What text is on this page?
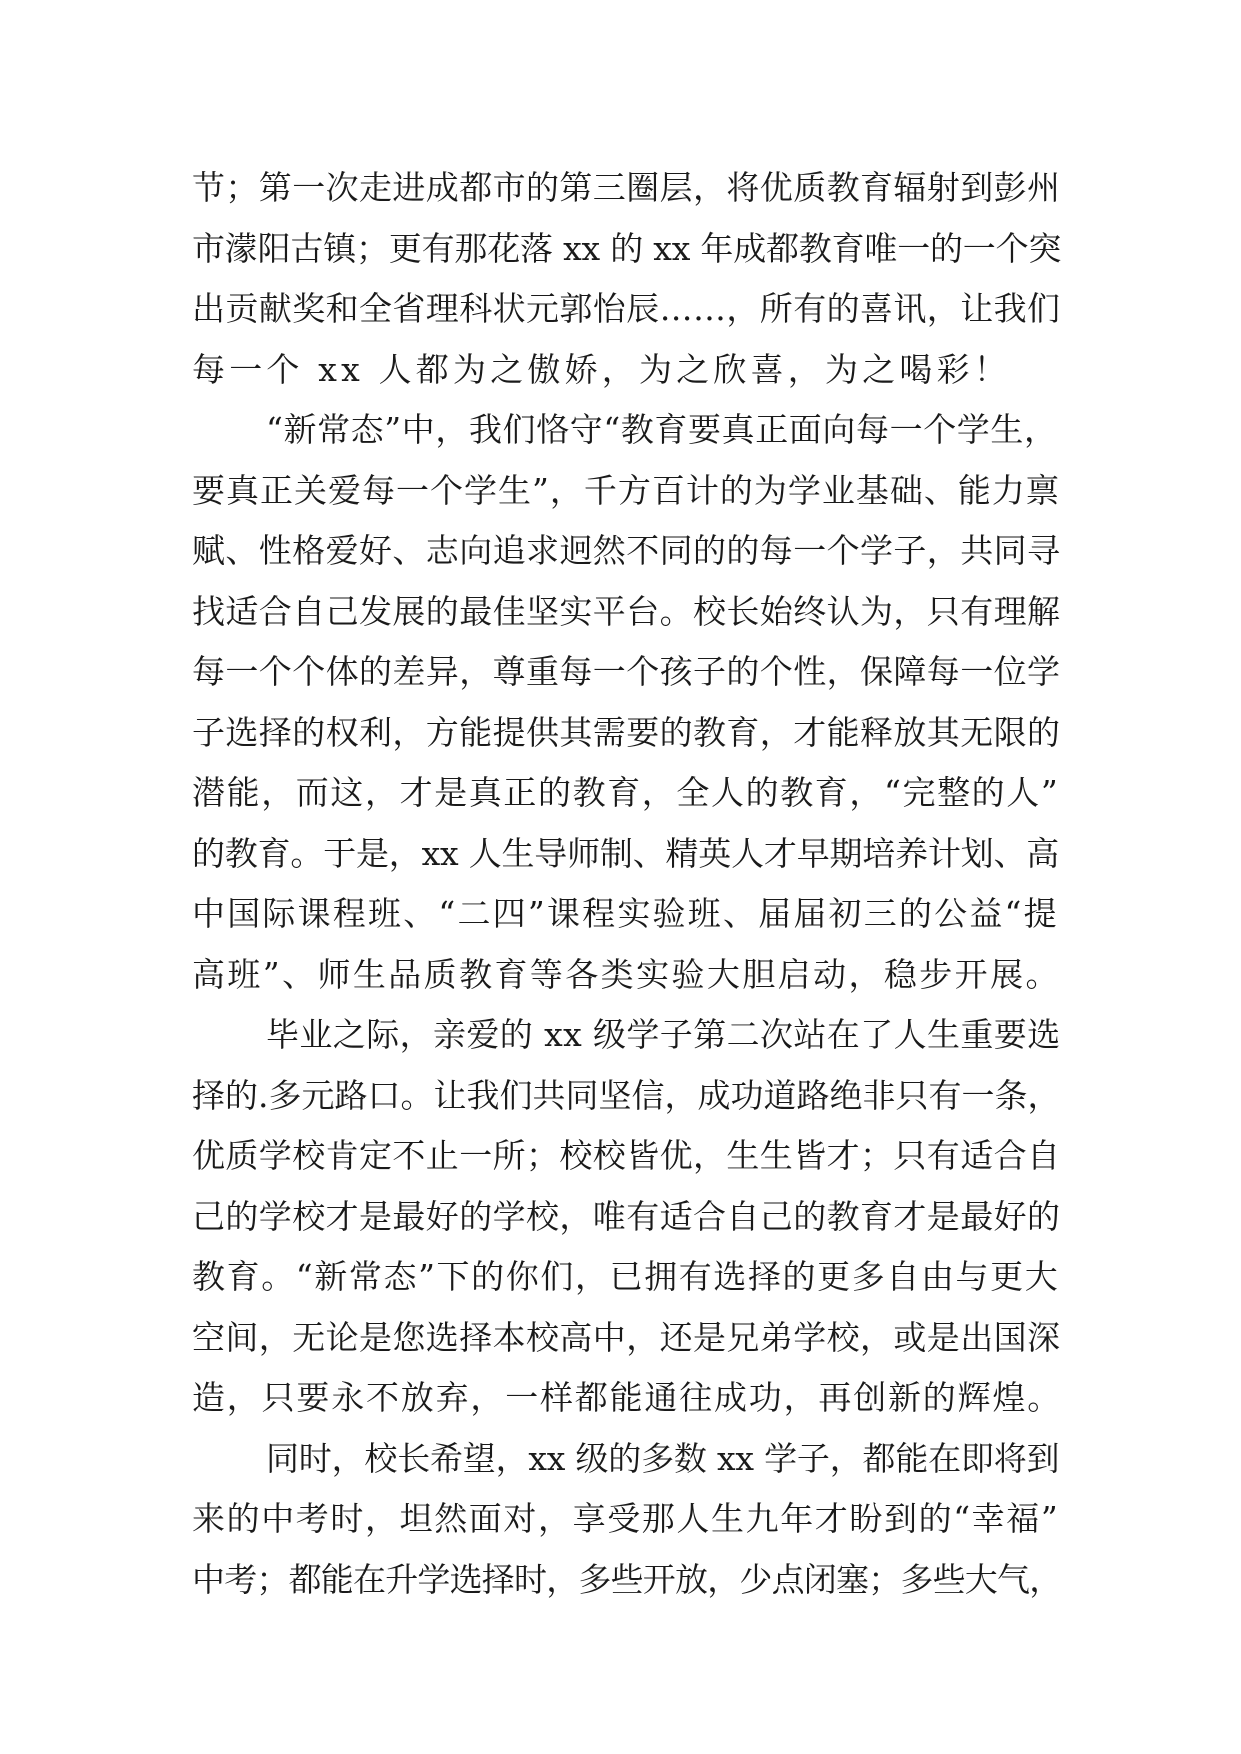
节；第一次走进成都市的第三圈层，将优质教育辐射到彭州
市濛阳古镇；更有那花落 xx 的 xx 年成都教育唯一的一个突
出贡献奖和全省理科状元郭怡辰……，所有的喜讯，让我们
每一个 xx 人都为之傲娇，为之欣喜，为之喝彩！
“新常态”中，我们恪守“教育要真正面向每一个学生，
要真正关爱每一个学生”，千方百计的为学业基础、能力禀
赋、性格爱好、志向追求迥然不同的的每一个学子，共同寻
找适合自己发展的最佳坚实平台。校长始终认为，只有理解
每一个个体的差异，尊重每一个孩子的个性，保障每一位学
子选择的权利，方能提供其需要的教育，才能释放其无限的
潜能，而这，才是真正的教育，全人的教育，“完整的人”
的教育。于是，xx 人生导师制、精英人才早期培养计划、高
中国际课程班、“二四”课程实验班、届届初三的公益“提
高班”、师生品质教育等各类实验大胆启动，稳步开展。
毕业之际，亲爱的 xx 级学子第二次站在了人生重要选
择的.多元路口。让我们共同坚信，成功道路绝非只有一条，
优质学校肯定不止一所；校校皆优，生生皆才；只有适合自
己的学校才是最好的学校，唯有适合自己的教育才是最好的
教育。“新常态”下的你们，已拥有选择的更多自由与更大
空间，无论是您选择本校高中，还是兄弟学校，或是出国深
造，只要永不放弃，一样都能通往成功，再创新的辉煌。
同时，校长希望，xx 级的多数 xx 学子，都能在即将到
来的中考时，坦然面对，享受那人生九年才盼到的“幸福”
中考；都能在升学选择时，多些开放，少点闭塞；多些大气，
